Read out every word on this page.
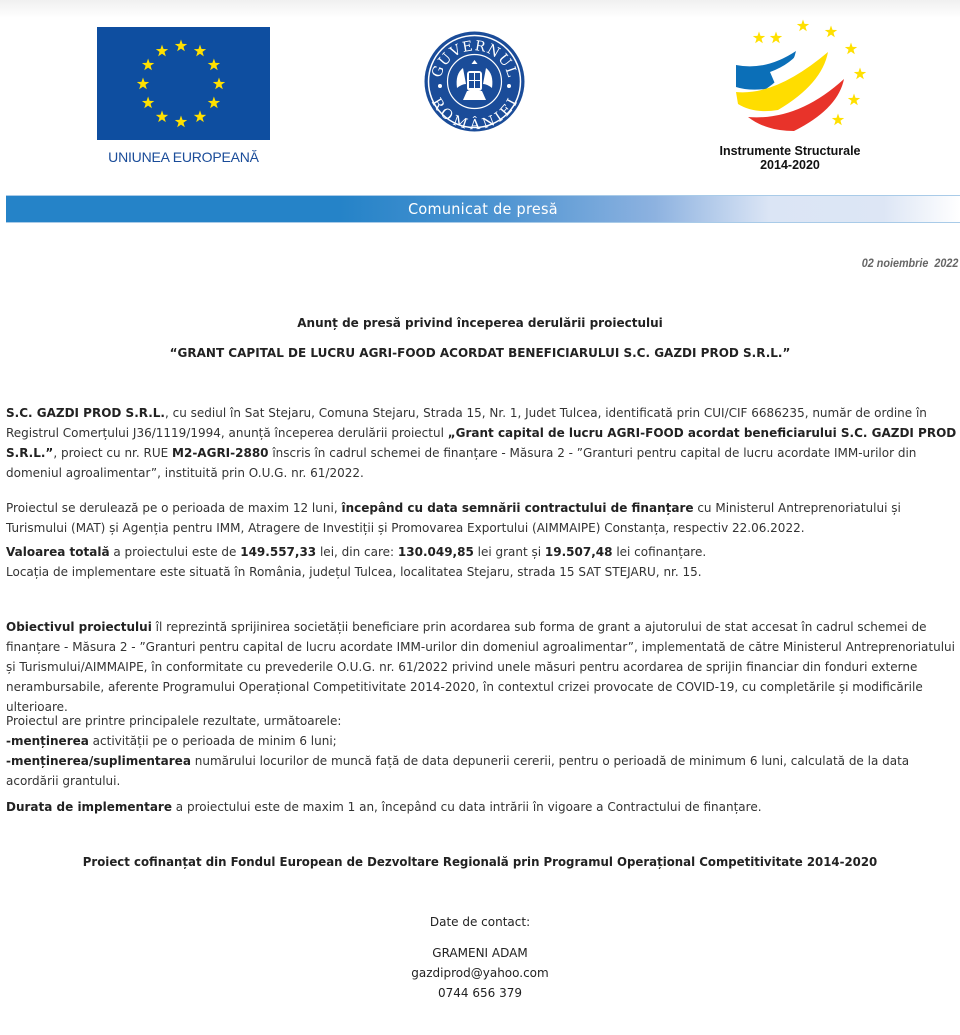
UNIUNEA EUROPEANĂ
GUVERNUL
ROMÂNIEI
Instrumente Structurale
2014-2020
Comunicat de presă
02 noiembrie  2022
Anunț de presă privind începerea derulării proiectului
“GRANT CAPITAL DE LUCRU AGRI-FOOD ACORDAT BENEFICIARULUI S.C. GAZDI PROD S.R.L.”

S.C. GAZDI PROD S.R.L., cu sediul în Sat Stejaru, Comuna Stejaru, Strada 15, Nr. 1, Judet Tulcea, identificată prin CUI/CIF 6686235, număr de ordine în Registrul Comerțului J36/1119/1994, anunță începerea derulării proiectul „Grant capital de lucru AGRI-FOOD acordat beneficiarului S.C. GAZDI PROD S.R.L.”, proiect cu nr. RUE M2-AGRI-2880 înscris în cadrul schemei de finanțare - Măsura 2 - ”Granturi pentru capital de lucru acordate IMM-urilor din domeniul agroalimentar”, instituită prin O.U.G. nr. 61/2022.

Proiectul se derulează pe o perioada de maxim 12 luni, începând cu data semnării contractului de finanțare cu Ministerul Antreprenoriatului și Turismului (MAT) și Agenția pentru IMM, Atragere de Investiții și Promovarea Exportului (AIMMAIPE) Constanța, respectiv 22.06.2022.

Valoarea totală a proiectului este de 149.557,33 lei, din care: 130.049,85 lei grant și 19.507,48 lei cofinanțare.

Locația de implementare este situată în România, județul Tulcea, localitatea Stejaru, strada 15 SAT STEJARU, nr. 15.

Obiectivul proiectului îl reprezintă sprijinirea societății beneficiare prin acordarea sub forma de grant a ajutorului de stat accesat în cadrul schemei de finanțare - Măsura 2 - ”Granturi pentru capital de lucru acordate IMM-urilor din domeniul agroalimentar”, implementată de către Ministerul Antreprenoriatului și Turismului/AIMMAIPE, în conformitate cu prevederile O.U.G. nr. 61/2022 privind unele măsuri pentru acordarea de sprijin financiar din fonduri externe nerambursabile, aferente Programului Operațional Competitivitate 2014-2020, în contextul crizei provocate de COVID-19, cu completările și modificările ulterioare.

Proiectul are printre principalele rezultate, următoarele:

-menținerea activității pe o perioada de minim 6 luni;

-menținerea/suplimentarea numărului locurilor de muncă față de data depunerii cererii, pentru o perioadă de minimum 6 luni, calculată de la data acordării grantului.

Durata de implementare a proiectului este de maxim 1 an, începând cu data intrării în vigoare a Contractului de finanțare.

Proiect cofinanțat din Fondul European de Dezvoltare Regională prin Programul Operațional Competitivitate 2014-2020
Date de contact:
GRAMENI ADAM
gazdiprod@yahoo.com
0744 656 379
